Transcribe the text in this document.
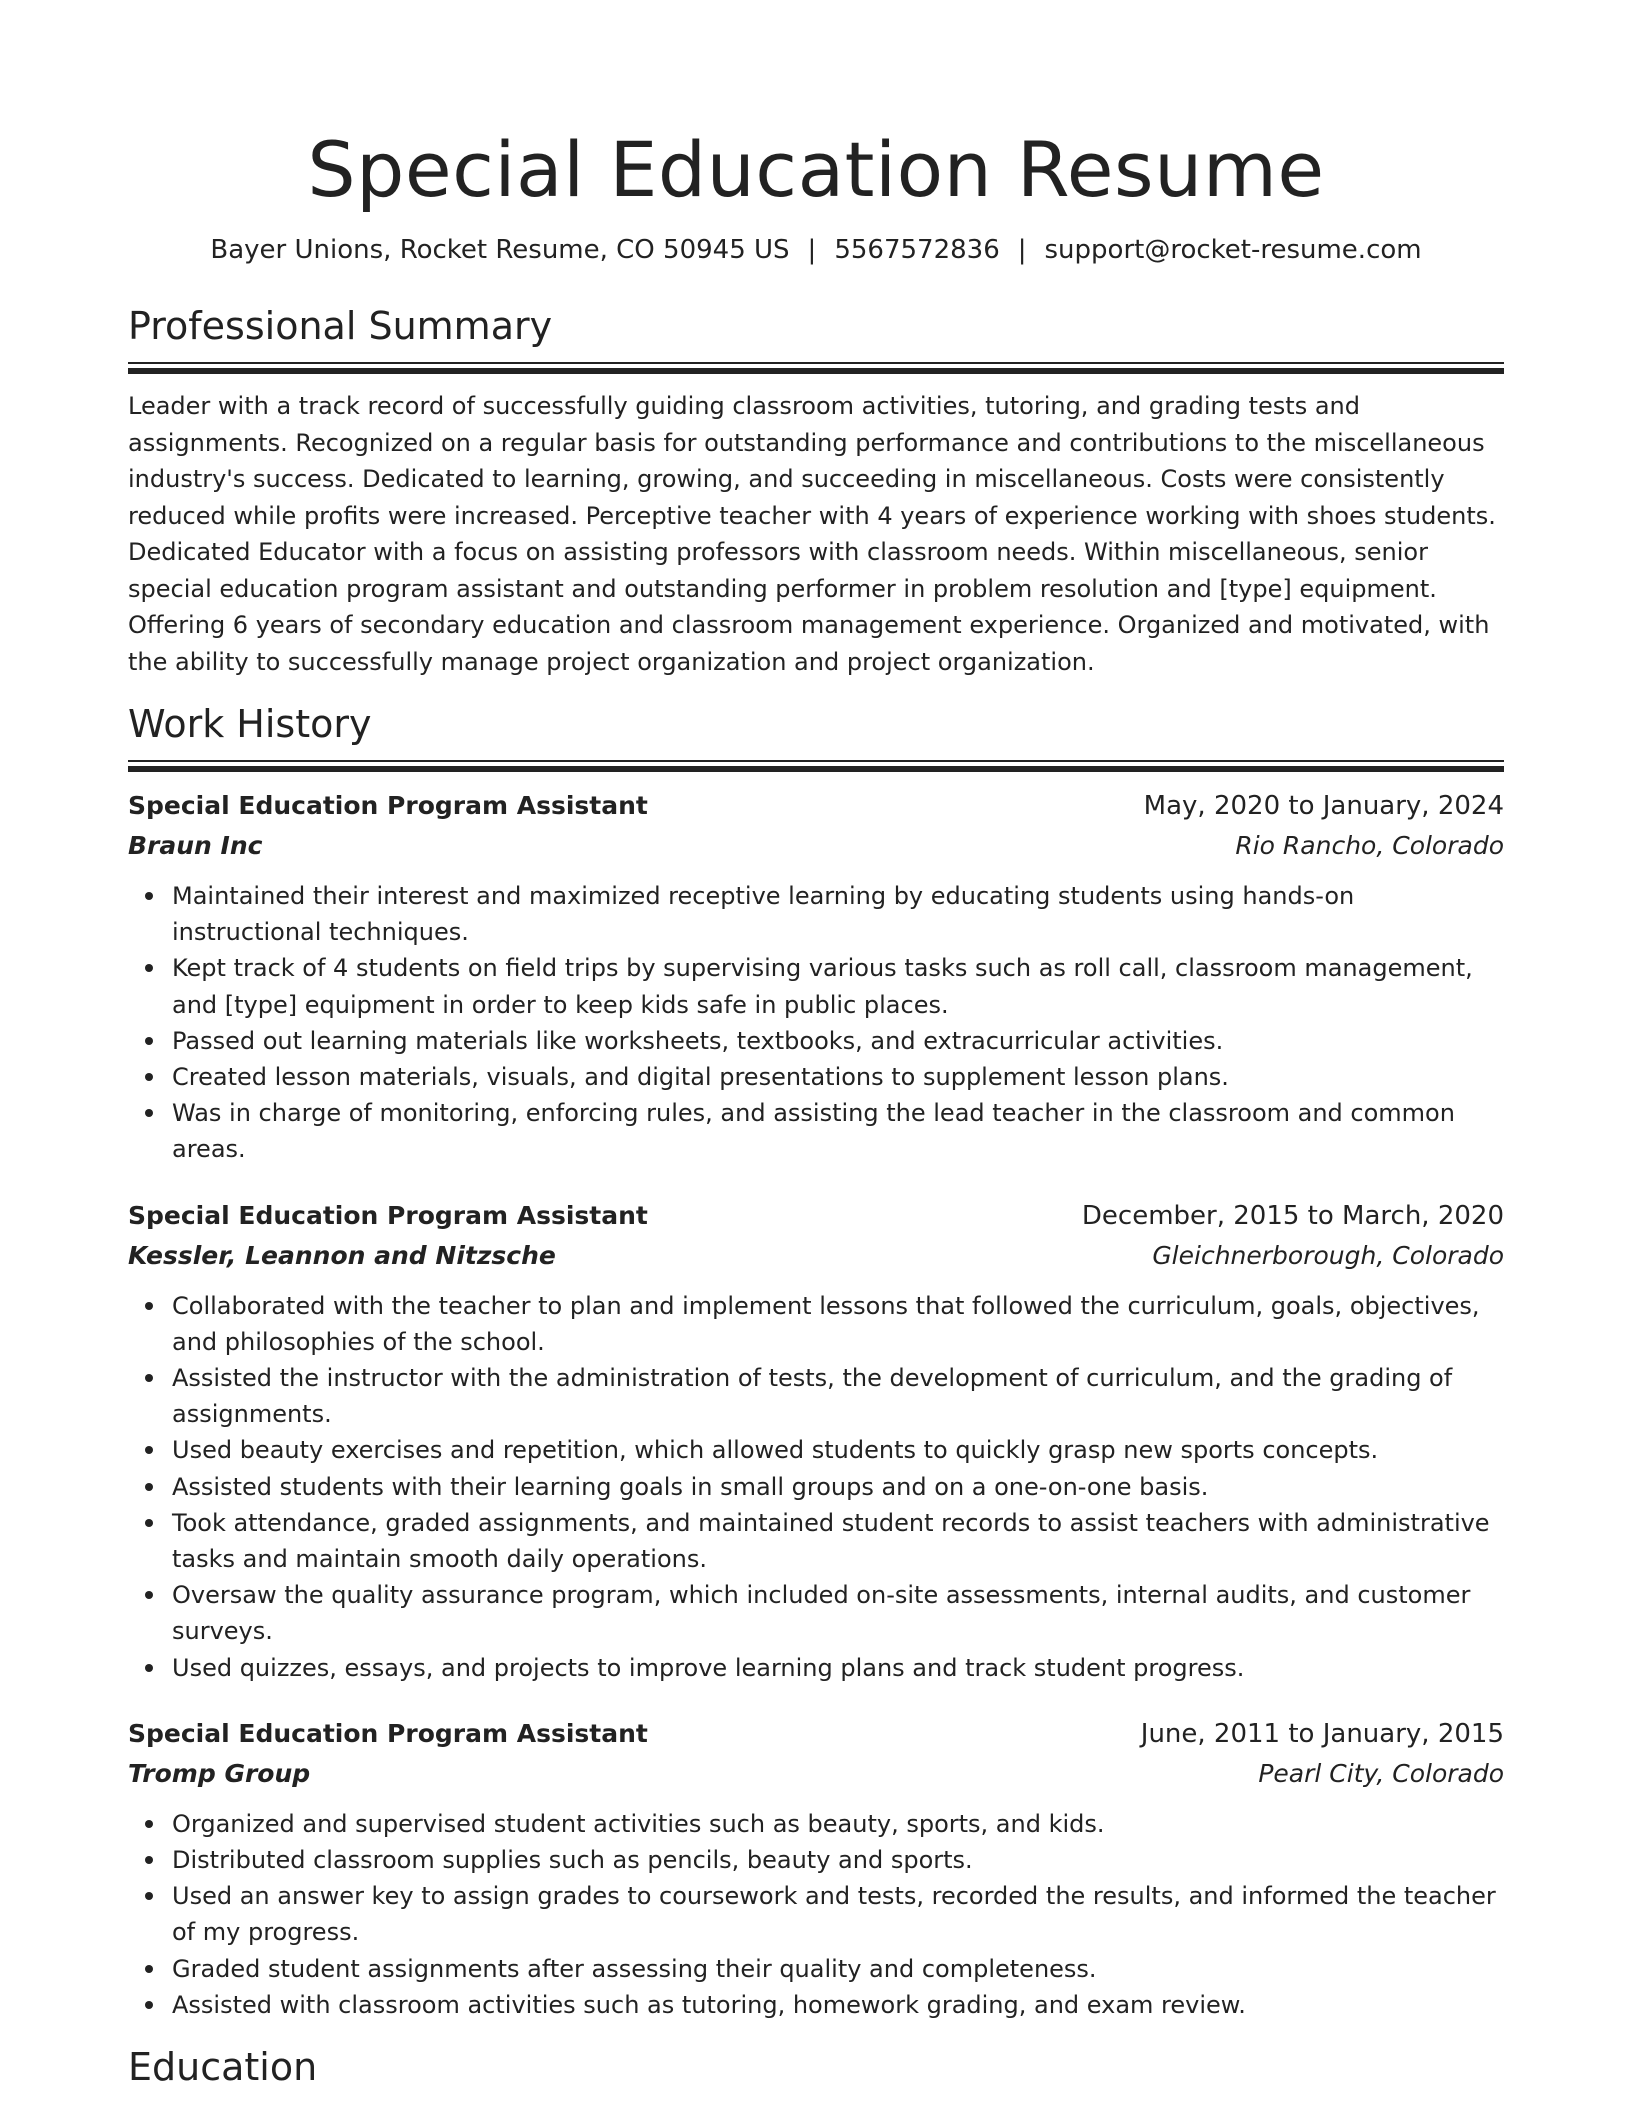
Special Education Resume
Bayer Unions, Rocket Resume, CO 50945 US | 5567572836 | support@rocket-resume.com
Professional Summary

Leader with a track record of successfully guiding classroom activities, tutoring, and grading tests and assignments. Recognized on a regular basis for outstanding performance and contributions to the miscellaneous industry's success. Dedicated to learning, growing, and succeeding in miscellaneous. Costs were consistently reduced while profits were increased. Perceptive teacher with 4 years of experience working with shoes students. Dedicated Educator with a focus on assisting professors with classroom needs. Within miscellaneous, senior special education program assistant and outstanding performer in problem resolution and [type] equipment. Offering 6 years of secondary education and classroom management experience. Organized and motivated, with the ability to successfully manage project organization and project organization.

Work History
Special Education Program Assistant	May, 2020 to January, 2024
Braun Inc	Rio Rancho, Colorado
Maintained their interest and maximized receptive learning by educating students using hands-on instructional techniques.
Kept track of 4 students on field trips by supervising various tasks such as roll call, classroom management, and [type] equipment in order to keep kids safe in public places.
Passed out learning materials like worksheets, textbooks, and extracurricular activities.
Created lesson materials, visuals, and digital presentations to supplement lesson plans.
Was in charge of monitoring, enforcing rules, and assisting the lead teacher in the classroom and common areas.
Special Education Program Assistant	December, 2015 to March, 2020
Kessler, Leannon and Nitzsche	Gleichnerborough, Colorado
Collaborated with the teacher to plan and implement lessons that followed the curriculum, goals, objectives, and philosophies of the school.
Assisted the instructor with the administration of tests, the development of curriculum, and the grading of assignments.
Used beauty exercises and repetition, which allowed students to quickly grasp new sports concepts.
Assisted students with their learning goals in small groups and on a one-on-one basis.
Took attendance, graded assignments, and maintained student records to assist teachers with administrative tasks and maintain smooth daily operations.
Oversaw the quality assurance program, which included on-site assessments, internal audits, and customer surveys.
Used quizzes, essays, and projects to improve learning plans and track student progress.
Special Education Program Assistant	June, 2011 to January, 2015
Tromp Group	Pearl City, Colorado
Organized and supervised student activities such as beauty, sports, and kids.
Distributed classroom supplies such as pencils, beauty and sports.
Used an answer key to assign grades to coursework and tests, recorded the results, and informed the teacher of my progress.
Graded student assignments after assessing their quality and completeness.
Assisted with classroom activities such as tutoring, homework grading, and exam review.
Education
